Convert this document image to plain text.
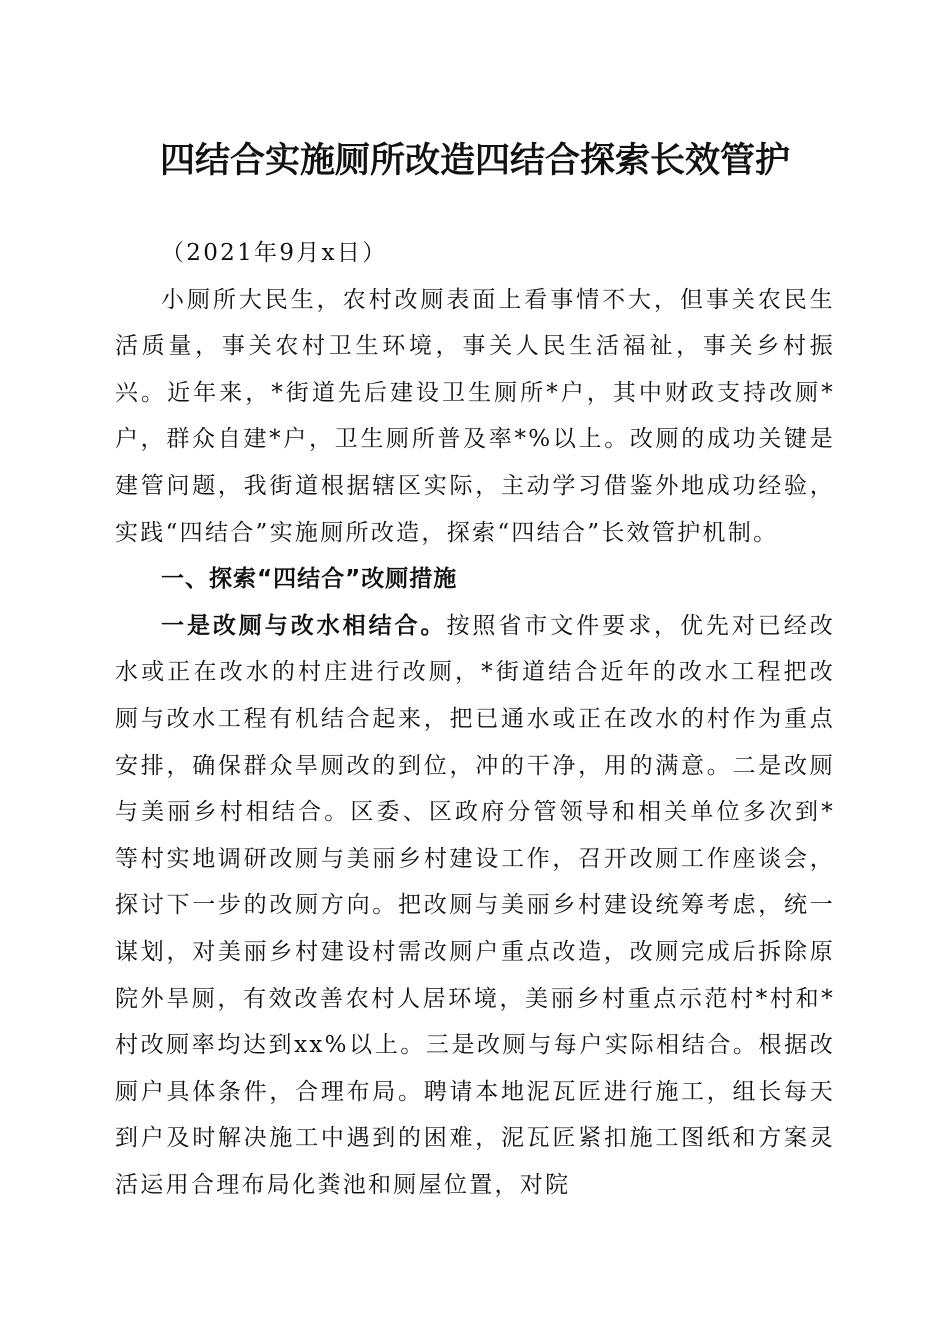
四结合实施厕所改造四结合探索长效管护

（2021年9月x日）

小厕所大民生，农村改厕表面上看事情不大，但事关农民生活质量，事关农村卫生环境，事关人民生活福祉，事关乡村振兴。近年来，*街道先后建设卫生厕所*户，其中财政支持改厕*户，群众自建*户，卫生厕所普及率*%以上。改厕的成功关键是建管问题，我街道根据辖区实际，主动学习借鉴外地成功经验，实践“四结合”实施厕所改造，探索“四结合”长效管护机制。

一、探索“四结合”改厕措施

一是改厕与改水相结合。按照省市文件要求，优先对已经改水或正在改水的村庄进行改厕，*街道结合近年的改水工程把改厕与改水工程有机结合起来，把已通水或正在改水的村作为重点安排，确保群众旱厕改的到位，冲的干净，用的满意。二是改厕与美丽乡村相结合。区委、区政府分管领导和相关单位多次到*等村实地调研改厕与美丽乡村建设工作，召开改厕工作座谈会，探讨下一步的改厕方向。把改厕与美丽乡村建设统筹考虑，统一谋划，对美丽乡村建设村需改厕户重点改造，改厕完成后拆除原院外旱厕，有效改善农村人居环境，美丽乡村重点示范村*村和*村改厕率均达到xx%以上。三是改厕与每户实际相结合。根据改厕户具体条件，合理布局。聘请本地泥瓦匠进行施工，组长每天到户及时解决施工中遇到的困难，泥瓦匠紧扣施工图纸和方案灵活运用合理布局化粪池和厕屋位置，对院
